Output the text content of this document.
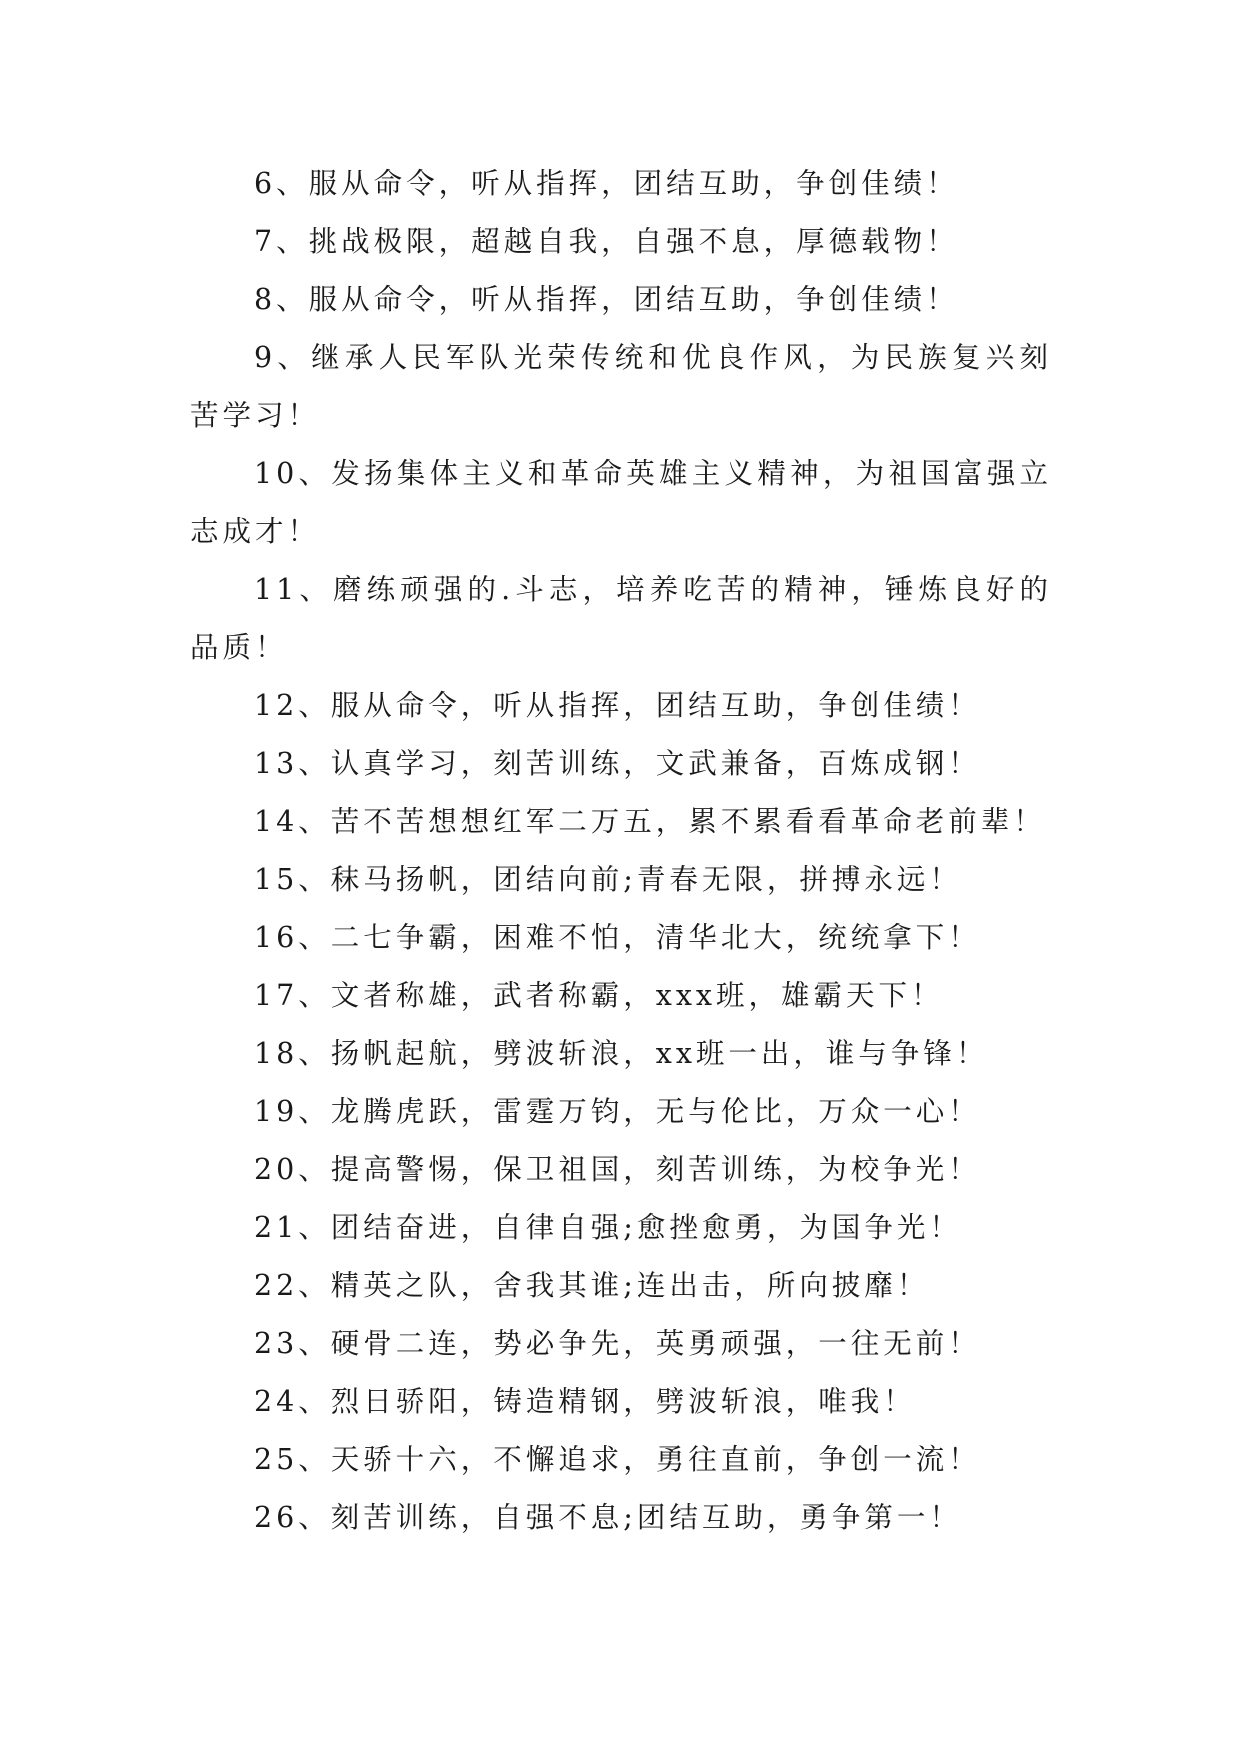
6、服从命令，听从指挥，团结互助，争创佳绩！

7、挑战极限，超越自我，自强不息，厚德载物！

8、服从命令，听从指挥，团结互助，争创佳绩！

9、继承人民军队光荣传统和优良作风，为民族复兴刻苦学习！

10、发扬集体主义和革命英雄主义精神，为祖国富强立志成才！

11、磨练顽强的.斗志，培养吃苦的精神，锤炼良好的品质！

12、服从命令，听从指挥，团结互助，争创佳绩！

13、认真学习，刻苦训练，文武兼备，百炼成钢！

14、苦不苦想想红军二万五，累不累看看革命老前辈！

15、秣马扬帆，团结向前;青春无限，拼搏永远！

16、二七争霸，困难不怕，清华北大，统统拿下！

17、文者称雄，武者称霸，xxx班，雄霸天下！

18、扬帆起航，劈波斩浪，xx班一出，谁与争锋！

19、龙腾虎跃，雷霆万钧，无与伦比，万众一心！

20、提高警惕，保卫祖国，刻苦训练，为校争光！

21、团结奋进，自律自强;愈挫愈勇，为国争光！

22、精英之队，舍我其谁;连出击，所向披靡！

23、硬骨二连，势必争先，英勇顽强，一往无前！

24、烈日骄阳，铸造精钢，劈波斩浪，唯我！

25、天骄十六，不懈追求，勇往直前，争创一流！

26、刻苦训练，自强不息;团结互助，勇争第一！
